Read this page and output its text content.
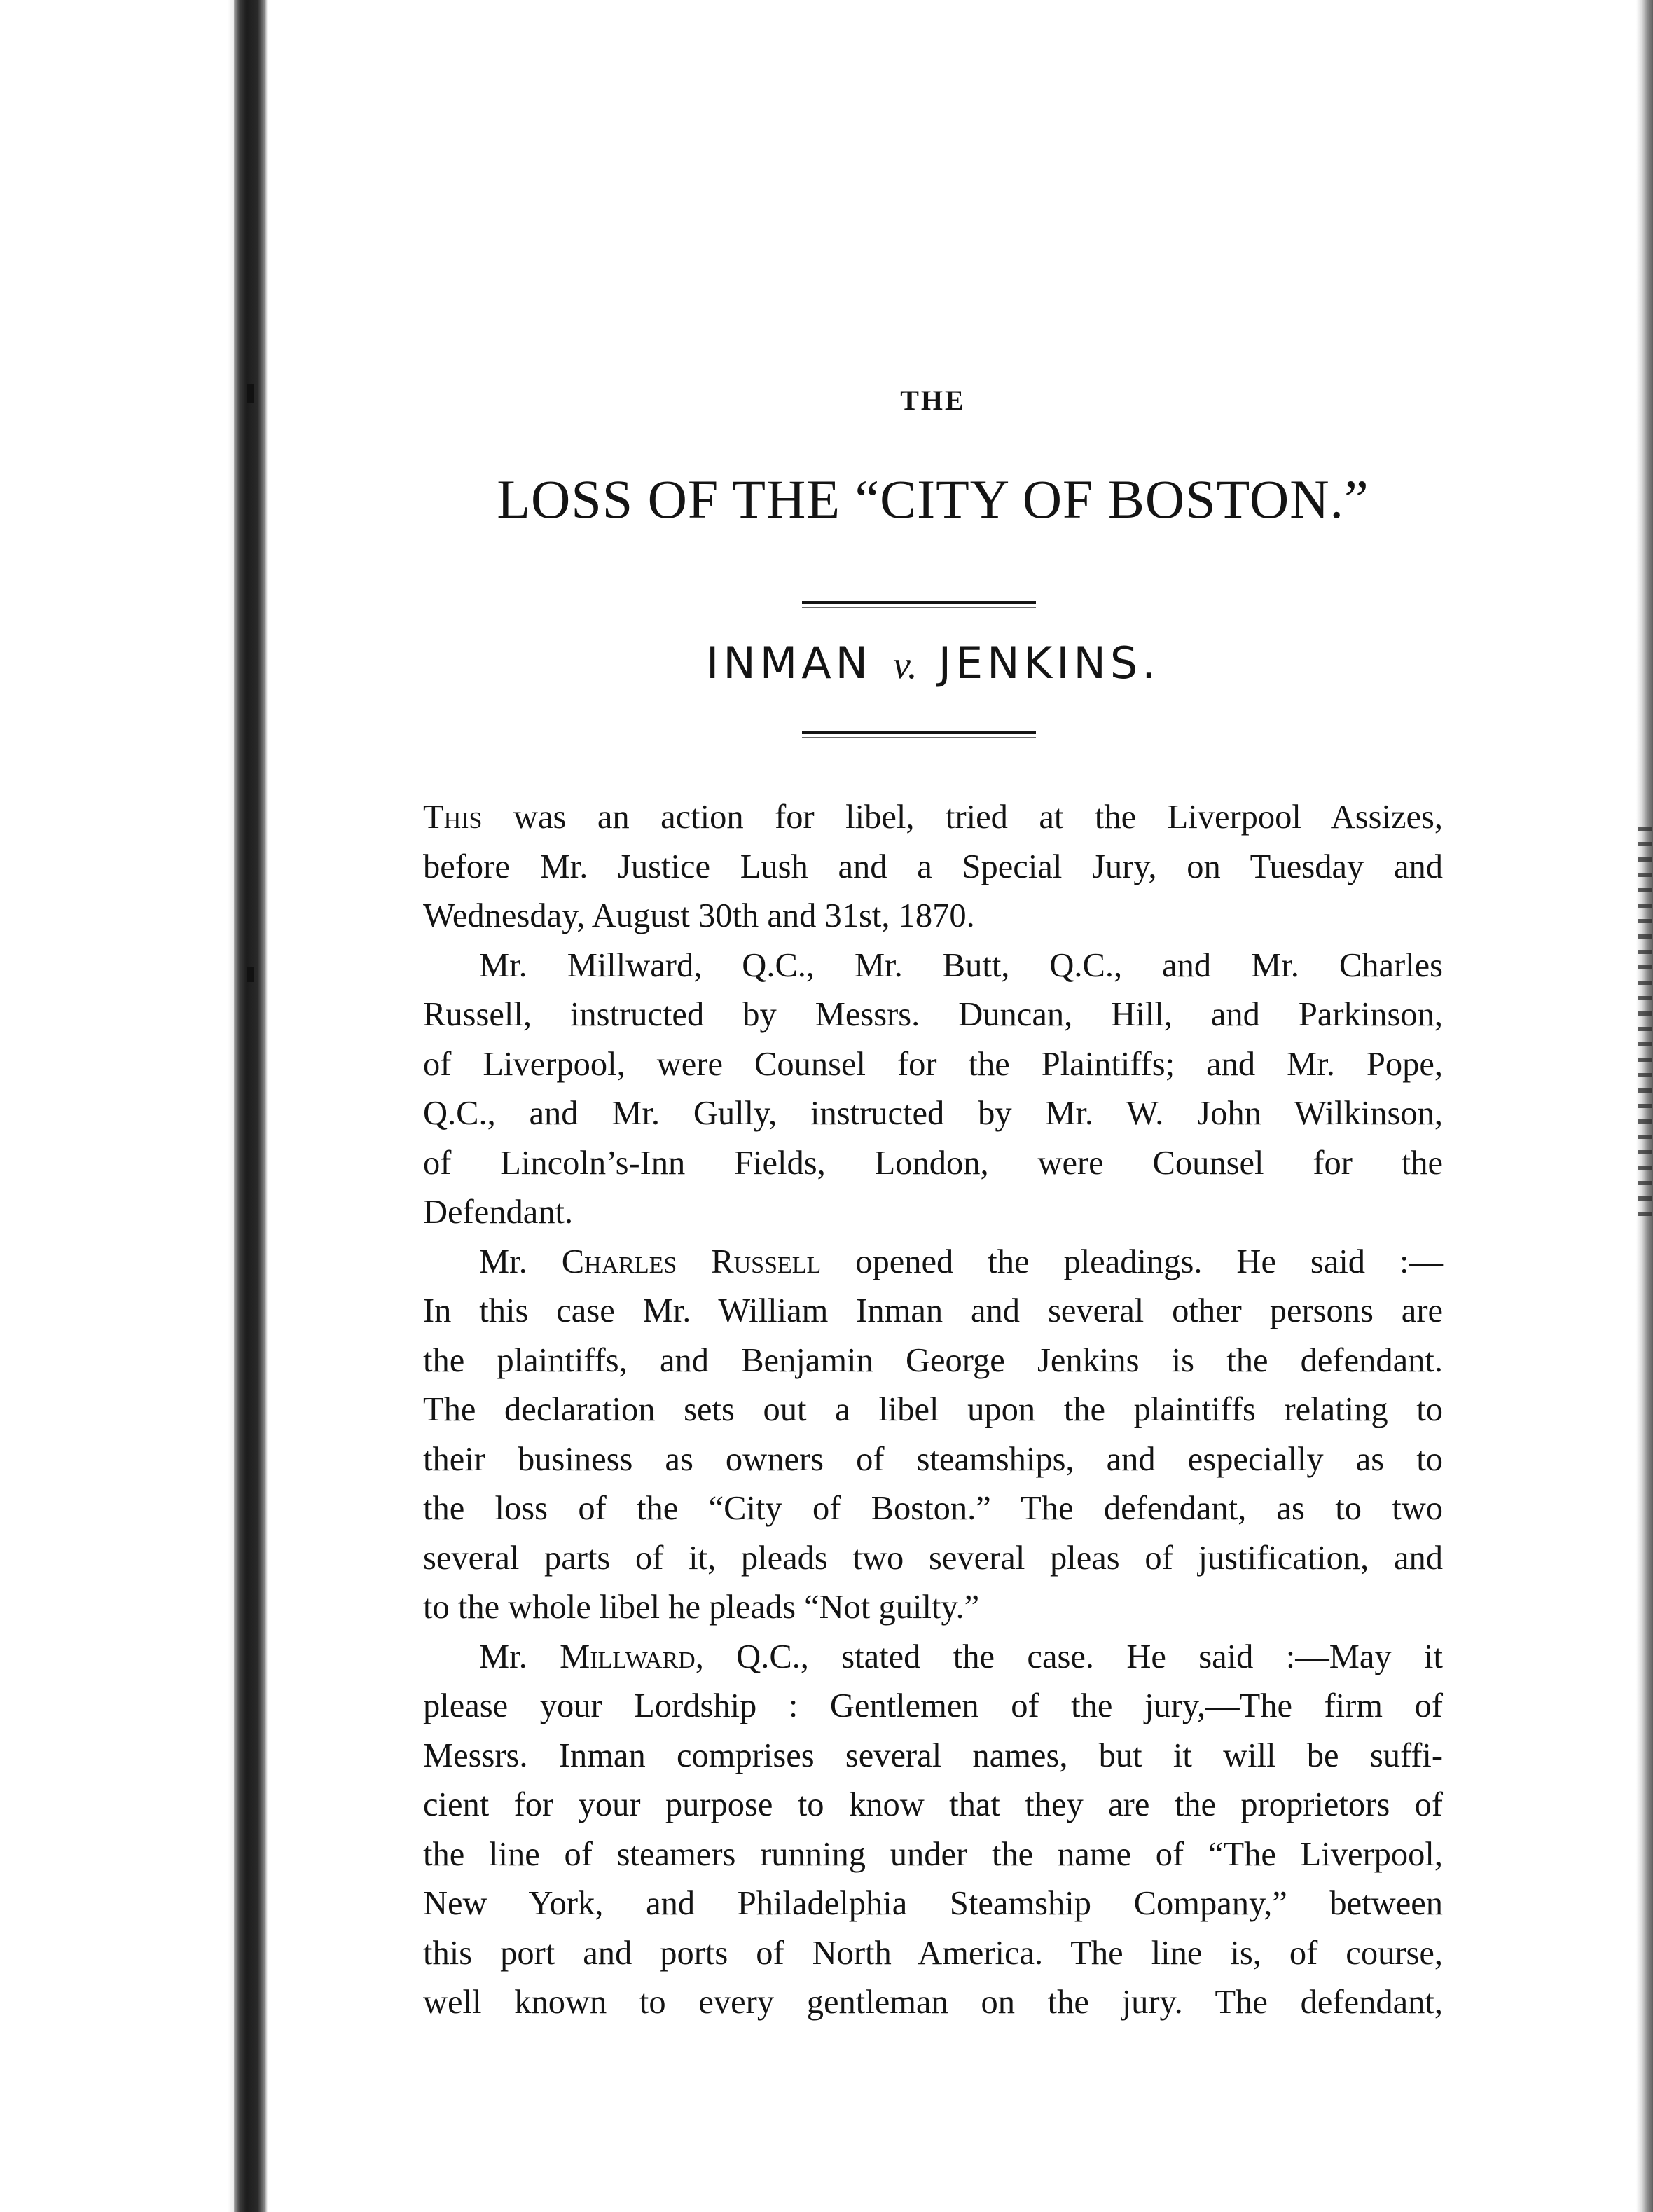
THE
LOSS OF THE “CITY OF BOSTON.”
INMAN v. JENKINS.
This was an action for libel, tried at the Liverpool Assizes,
before Mr. Justice Lush and a Special Jury, on Tuesday and
Wednesday, August 30th and 31st, 1870.
Mr. Millward, Q.C., Mr. Butt, Q.C., and Mr. Charles
Russell, instructed by Messrs. Duncan, Hill, and Parkinson,
of Liverpool, were Counsel for the Plaintiffs; and Mr. Pope,
Q.C., and Mr. Gully, instructed by Mr. W. John Wilkinson,
of Lincoln’s-Inn Fields, London, were Counsel for the
Defendant.
Mr. Charles Russell opened the pleadings. He said :—
In this case Mr. William Inman and several other persons are
the plaintiffs, and Benjamin George Jenkins is the defendant.
The declaration sets out a libel upon the plaintiffs relating to
their business as owners of steamships, and especially as to
the loss of the “City of Boston.” The defendant, as to two
several parts of it, pleads two several pleas of justification, and
to the whole libel he pleads “Not guilty.”
Mr. Millward, Q.C., stated the case. He said :—May it
please your Lordship : Gentlemen of the jury,—The firm of
Messrs. Inman comprises several names, but it will be suffi-
cient for your purpose to know that they are the proprietors of
the line of steamers running under the name of “The Liverpool,
New York, and Philadelphia Steamship Company,” between
this port and ports of North America. The line is, of course,
well known to every gentleman on the jury. The defendant,
